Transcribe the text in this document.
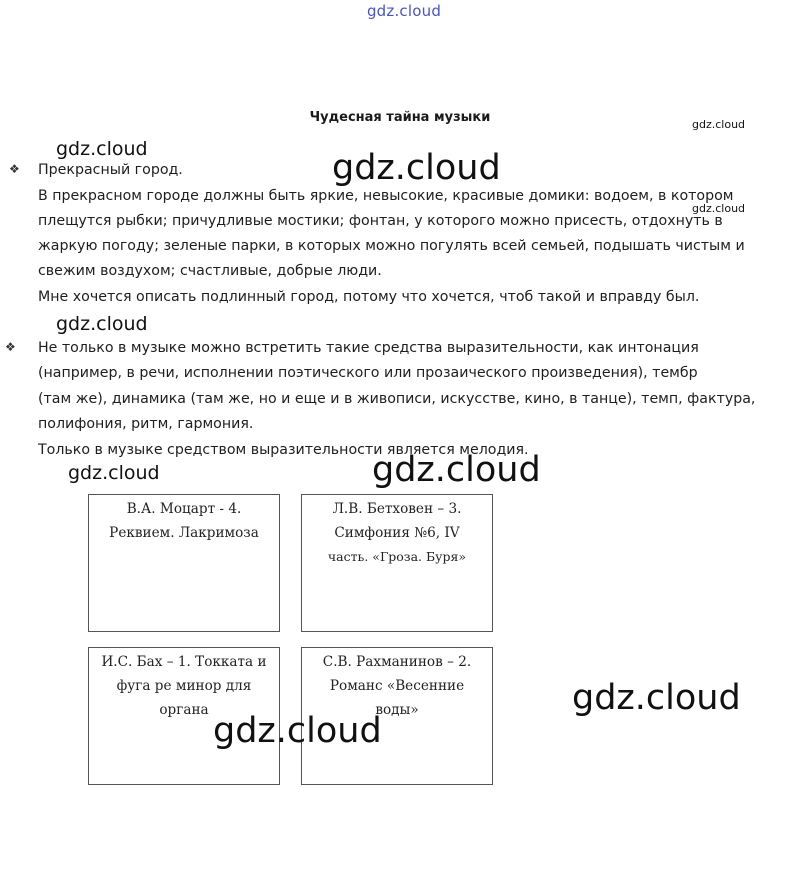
gdz.cloud
Чудесная тайна музыки
❖ Прекрасный город.
В прекрасном городе должны быть яркие, невысокие, красивые домики: водоем, в котором
плещутся рыбки; причудливые мостики; фонтан, у которого можно присесть, отдохнуть в
жаркую погоду; зеленые парки, в которых можно погулять всей семьей, подышать чистым и
свежим воздухом; счастливые, добрые люди.
Мне хочется описать подлинный город, потому что хочется, чтоб такой и вправду был.
❖ Не только в музыке можно встретить такие средства выразительности, как интонация
(например, в речи, исполнении поэтического или прозаического произведения), тембр
(там же), динамика (там же, но и еще и в живописи, искусстве, кино, в танце), темп, фактура,
полифония, ритм, гармония.
Только в музыке средством выразительности является мелодия.
В.А. Моцарт - 4.
Реквием. Лакримоза
Л.В. Бетховен – 3.
Симфония №6, IV
часть. «Гроза. Буря»
И.С. Бах – 1. Токката и
фуга ре минор для
органа
С.В. Рахманинов – 2.
Романс «Весенние
воды»
gdz.cloud
gdz.cloud	gdz.cloud
gdz.cloud
gdz.cloud
gdz.cloud	gdz.cloud
gdz.cloud
gdz.cloud
